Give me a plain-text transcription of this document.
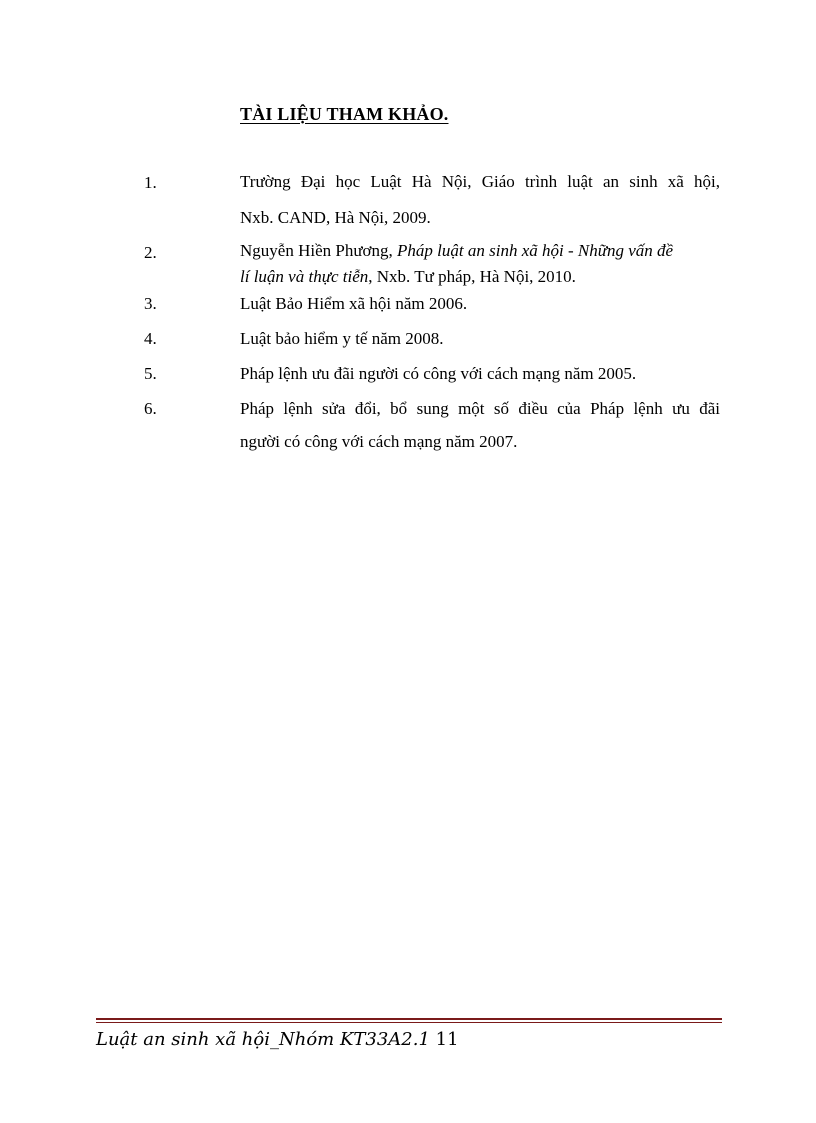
TÀI LIỆU THAM KHẢO.
1.	Trường Đại học Luật Hà Nội, Giáo trình luật an sinh xã hội,
Nxb. CAND, Hà Nội, 2009.
2.	Nguyễn Hiền Phương, Pháp luật an sinh xã hội - Những vấn đề
lí luận và thực tiễn, Nxb. Tư pháp, Hà Nội, 2010.
3.	Luật Bảo Hiểm xã hội năm 2006.
4.	Luật bảo hiểm y tế năm 2008.
5.	Pháp lệnh ưu đãi người có công với cách mạng năm 2005.
6.	Pháp lệnh sửa đổi, bổ sung một số điều của Pháp lệnh ưu đãi
người có công với cách mạng năm 2007.
Luật an sinh xã hội_Nhóm KT33A2.1 11
